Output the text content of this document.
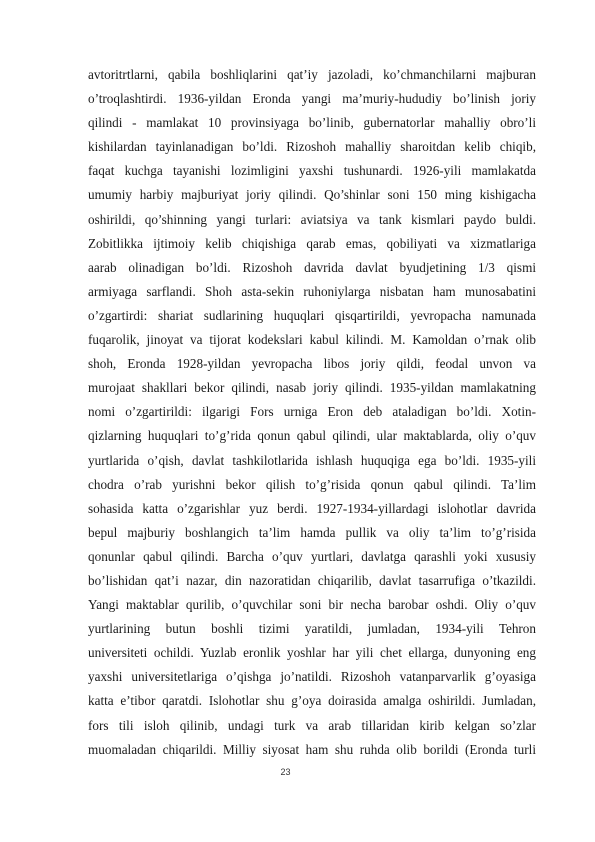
avtoritrtlarni, qabila boshliqlarini qat’iy jazoladi, ko’chmanchilarni majburan
o’troqlashtirdi. 1936-yildan Eronda yangi ma’muriy-hududiy bo’linish joriy
qilindi - mamlakat 10 provinsiyaga bo’linib, gubernatorlar mahalliy obro’li
kishilardan tayinlanadigan bo’ldi. Rizoshoh mahalliy sharoitdan kelib chiqib,
faqat kuchga tayanishi lozimligini yaxshi tushunardi. 1926-yili mamlakatda
umumiy harbiy majburiyat joriy qilindi. Qo’shinlar soni 150 ming kishigacha
oshirildi, qo’shinning yangi turlari: aviatsiya va tank kismlari paydo buldi.
Zobitlikka ijtimoiy kelib chiqishiga qarab emas, qobiliyati va xizmatlariga
aarab olinadigan bo’ldi. Rizoshoh davrida davlat byudjetining 1/3 qismi
armiyaga sarflandi. Shoh asta-sekin ruhoniylarga nisbatan ham munosabatini
o’zgartirdi: shariat sudlarining huquqlari qisqartirildi, yevropacha namunada
fuqarolik, jinoyat va tijorat kodekslari kabul kilindi. M. Kamoldan o’rnak olib
shoh, Eronda 1928-yildan yevropacha libos joriy qildi, feodal unvon va
murojaat shakllari bekor qilindi, nasab joriy qilindi. 1935-yildan mamlakatning
nomi o’zgartirildi: ilgarigi Fors urniga Eron deb ataladigan bo’ldi. Xotin-
qizlarning huquqlari to’g’rida qonun qabul qilindi, ular maktablarda, oliy o’quv
yurtlarida o’qish, davlat tashkilotlarida ishlash huquqiga ega bo’ldi. 1935-yili
chodra o’rab yurishni bekor qilish to’g’risida qonun qabul qilindi. Ta’lim
sohasida katta o’zgarishlar yuz berdi. 1927-1934-yillardagi islohotlar davrida
bepul majburiy boshlangich ta’lim hamda pullik va oliy ta’lim to’g’risida
qonunlar qabul qilindi. Barcha o’quv yurtlari, davlatga qarashli yoki xususiy
bo’lishidan qat’i nazar, din nazoratidan chiqarilib, davlat tasarrufiga o’tkazildi.
Yangi maktablar qurilib, o’quvchilar soni bir necha barobar oshdi. Oliy o’quv
yurtlarining butun boshli tizimi yaratildi, jumladan, 1934-yili Tehron
universiteti ochildi. Yuzlab eronlik yoshlar har yili chet ellarga, dunyoning eng
yaxshi universitetlariga o’qishga jo’natildi. Rizoshoh vatanparvarlik g’oyasiga
katta e’tibor qaratdi. Islohotlar shu g’oya doirasida amalga oshirildi. Jumladan,
fors tili isloh qilinib, undagi turk va arab tillaridan kirib kelgan so’zlar
muomaladan chiqarildi. Milliy siyosat ham shu ruhda olib borildi (Eronda turli
23
